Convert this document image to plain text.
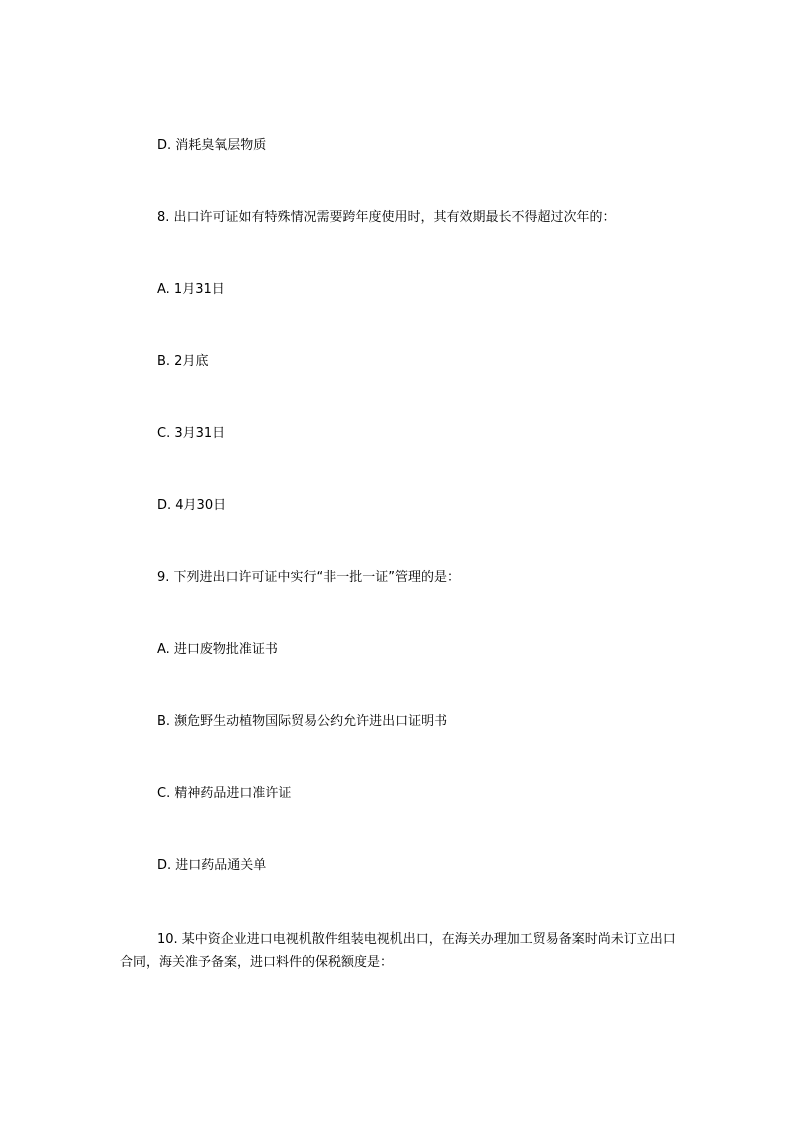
D. 消耗臭氧层物质
8. 出口许可证如有特殊情况需要跨年度使用时，其有效期最长不得超过次年的：
A. 1月31日
B. 2月底
C. 3月31日
D. 4月30日
9. 下列进出口许可证中实行“非一批一证”管理的是：
A. 进口废物批准证书
B. 濒危野生动植物国际贸易公约允许进出口证明书
C. 精神药品进口准许证
D. 进口药品通关单
10. 某中资企业进口电视机散件组装电视机出口，在海关办理加工贸易备案时尚未订立出口合同，海关准予备案，进口料件的保税额度是：
